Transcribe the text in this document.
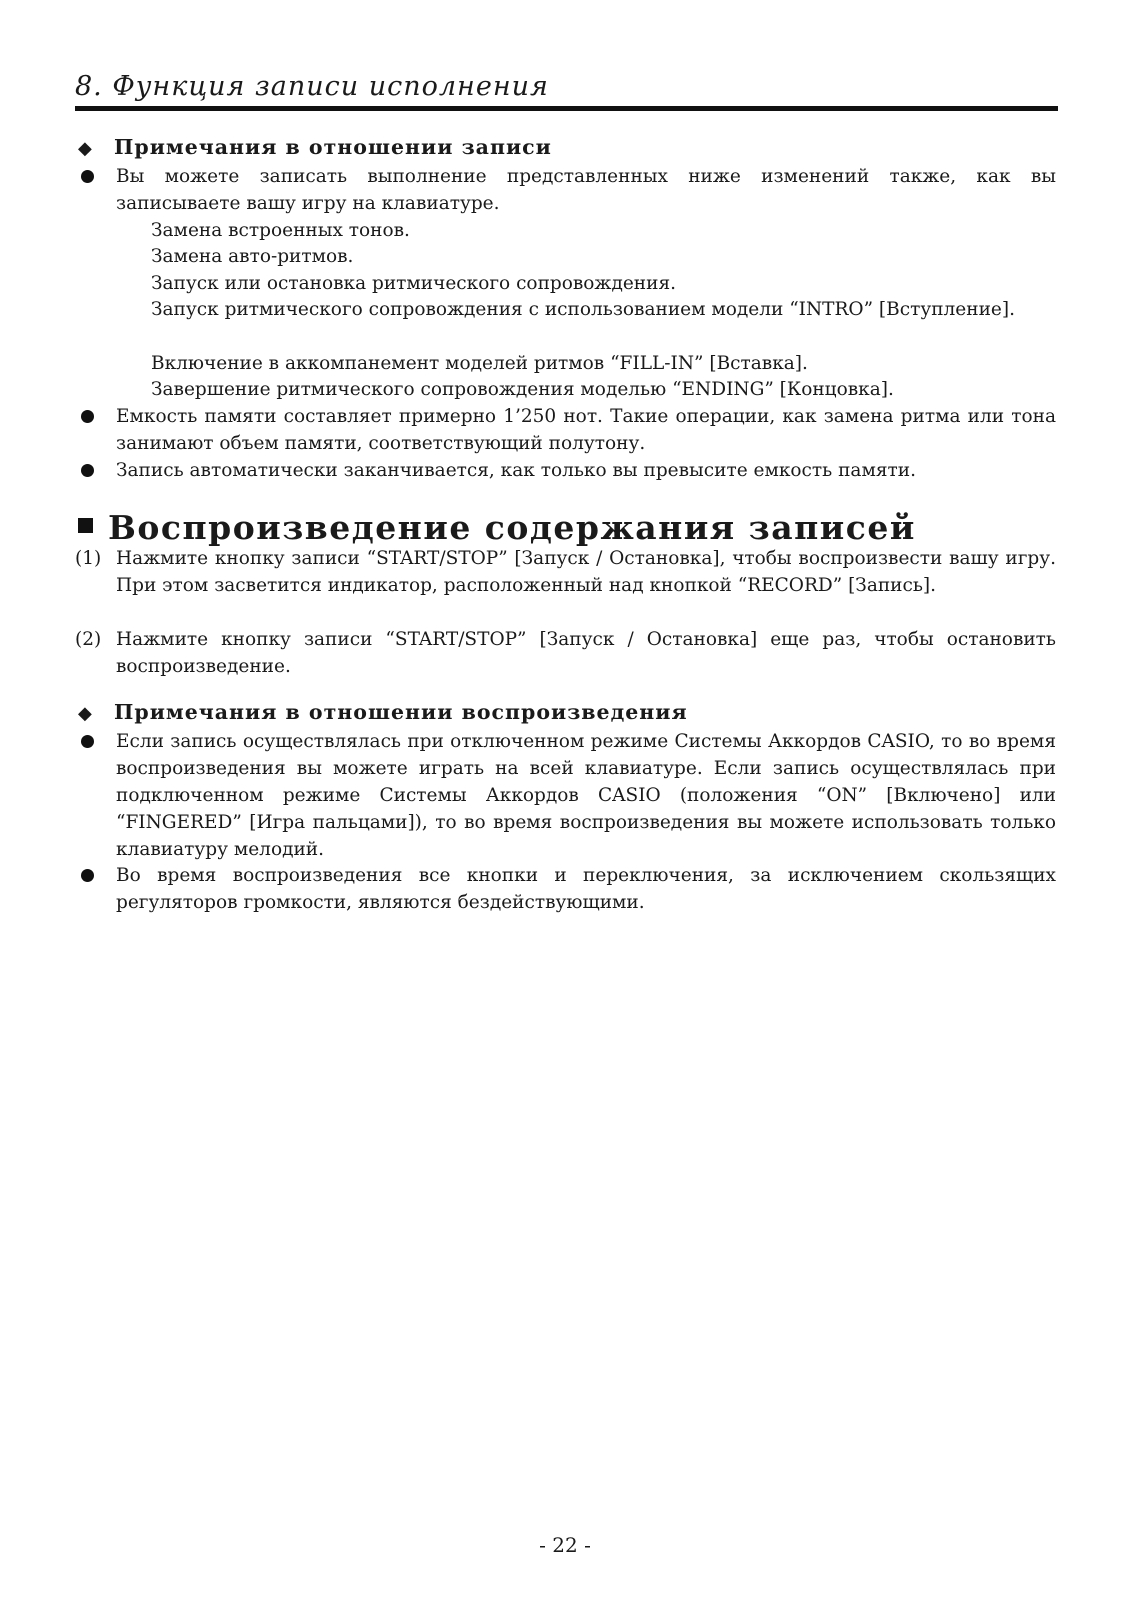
8. Функция записи исполнения
◆ Примечания в отношении записи
Вы можете записать выполнение представленных ниже изменений также, как вы записываете вашу игру на клавиатуре.
Замена встроенных тонов.
Замена авто-ритмов.
Запуск или остановка ритмического сопровождения.
Запуск ритмического сопровождения с использованием модели “INTRO” [Вступление].
Включение в аккомпанемент моделей ритмов “FILL-IN” [Вставка].
Завершение ритмического сопровождения моделью “ENDING” [Концовка].
Емкость памяти составляет примерно 1’250 нот. Такие операции, как замена ритма или тона занимают объем памяти, соответствующий полутону.
Запись автоматически заканчивается, как только вы превысите емкость памяти.
Воспроизведение содержания записей
(1) Нажмите кнопку записи “START/STOP” [Запуск / Остановка], чтобы воспроизвести вашу игру. При этом засветится индикатор, расположенный над кнопкой “RECORD” [Запись].
(2) Нажмите кнопку записи “START/STOP” [Запуск / Остановка] еще раз, чтобы остановить воспроизведение.
◆ Примечания в отношении воспроизведения
Если запись осуществлялась при отключенном режиме Системы Аккордов CASIO, то во время воспроизведения вы можете играть на всей клавиатуре. Если запись осуществлялась при подключенном режиме Системы Аккордов CASIO (положения “ON” [Включено] или “FINGERED” [Игра пальцами]), то во время воспроизведения вы можете использовать только клавиатуру мелодий.
Во время воспроизведения все кнопки и переключения, за исключением скользящих регуляторов громкости, являются бездействующими.
- 22 -
